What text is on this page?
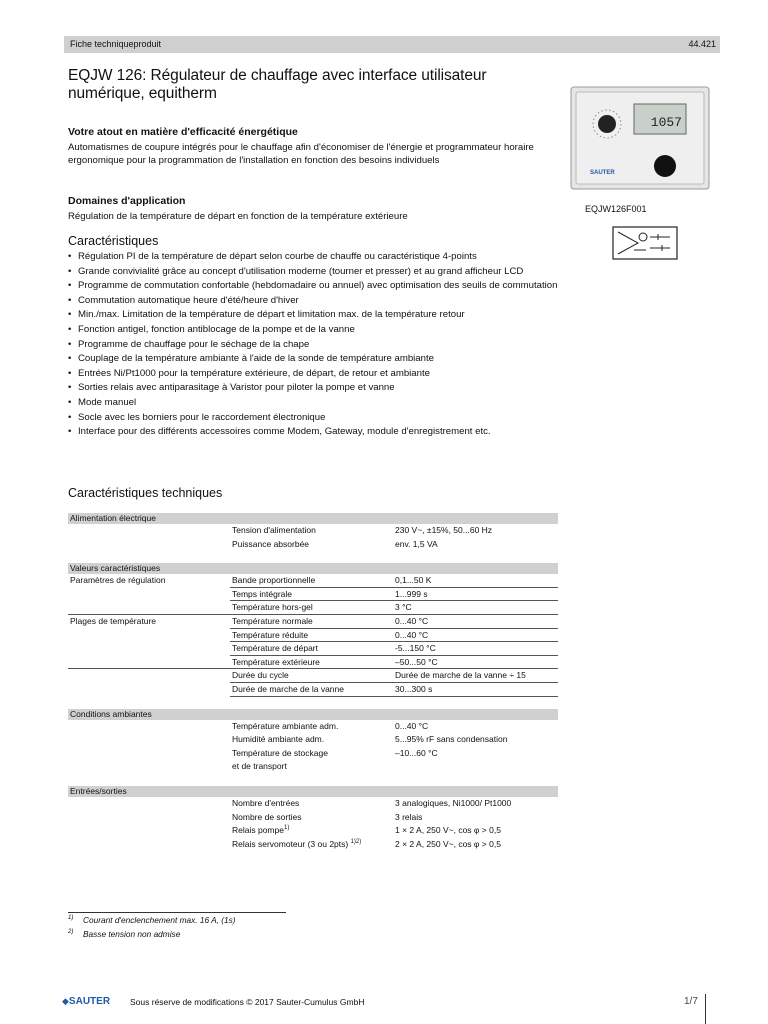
Fiche techniqueproduit	44.421
EQJW 126: Régulateur de chauffage avec interface utilisateur numérique, equitherm
1057
SAUTER
EQJW126F001
Votre atout en matière d'efficacité énergétique
Automatismes de coupure intégrés pour le chauffage afin d'économiser de l'énergie et programmateur horaire ergonomique pour la programmation de l'installation en fonction des besoins individuels
Domaines d'application
Régulation de la température de départ en fonction de la température extérieure
Caractéristiques
• Régulation PI de la température de départ selon courbe de chauffe ou caractéristique 4-points
• Grande convivialité grâce au concept d'utilisation moderne (tourner et presser) et au grand afficheur LCD
• Programme de commutation confortable (hebdomadaire ou annuel) avec optimisation des seuils de commutation
• Commutation automatique heure d'été/heure d'hiver
• Min./max. Limitation de la température de départ et limitation max. de la température retour
• Fonction antigel, fonction antiblocage de la pompe et de la vanne
• Programme de chauffage pour le séchage de la chape
• Couplage de la température ambiante à l'aide de la sonde de température ambiante
• Entrées Ni/Pt1000 pour la température extérieure, de départ, de retour et ambiante
• Sorties relais avec antiparasitage à Varistor pour piloter la pompe et vanne
• Mode manuel
• Socle avec les borniers pour le raccordement électronique
• Interface pour des différents accessoires comme Modem, Gateway, module d'enregistrement etc.
Caractéristiques techniques
Alimentation électrique
Tension d'alimentation	230 V~, ±15%, 50...60 Hz
Puissance absorbée	env. 1,5 VA
Valeurs caractéristiques
Paramètres de régulation	Bande proportionnelle	0,1...50 K
Temps intégrale	1...999 s
Température hors-gel	3 °C
Plages de température	Température normale	0...40 °C
Température réduite	0...40 °C
Température de départ	-5...150 °C
Température extérieure	–50...50 °C
Durée du cycle	Durée de marche de la vanne ÷ 15
Durée de marche de la vanne	30...300 s
Conditions ambiantes
Température ambiante adm.	0...40 °C
Humidité ambiante adm.	5...95% rF sans condensation
Température de stockage	–10...60 °C
et de transport
Entrées/sorties
Nombre d'entrées	3 analogiques, Ni1000/ Pt1000
Nombre de sorties	3 relais
Relais pompe$^{1)}$	1 × 2 A, 250 V~, cos φ > 0,5
Relais servomoteur (3 ou 2pts) $^{1)2)}$	2 × 2 A, 250 V~, cos φ > 0,5
$^{1)}$ Courant d'enclenchement max. 16 A, (1s)
$^{2)}$ Basse tension non admise
◆SAUTER Sous réserve de modifications © 2017 Sauter-Cumulus GmbH	1/7
